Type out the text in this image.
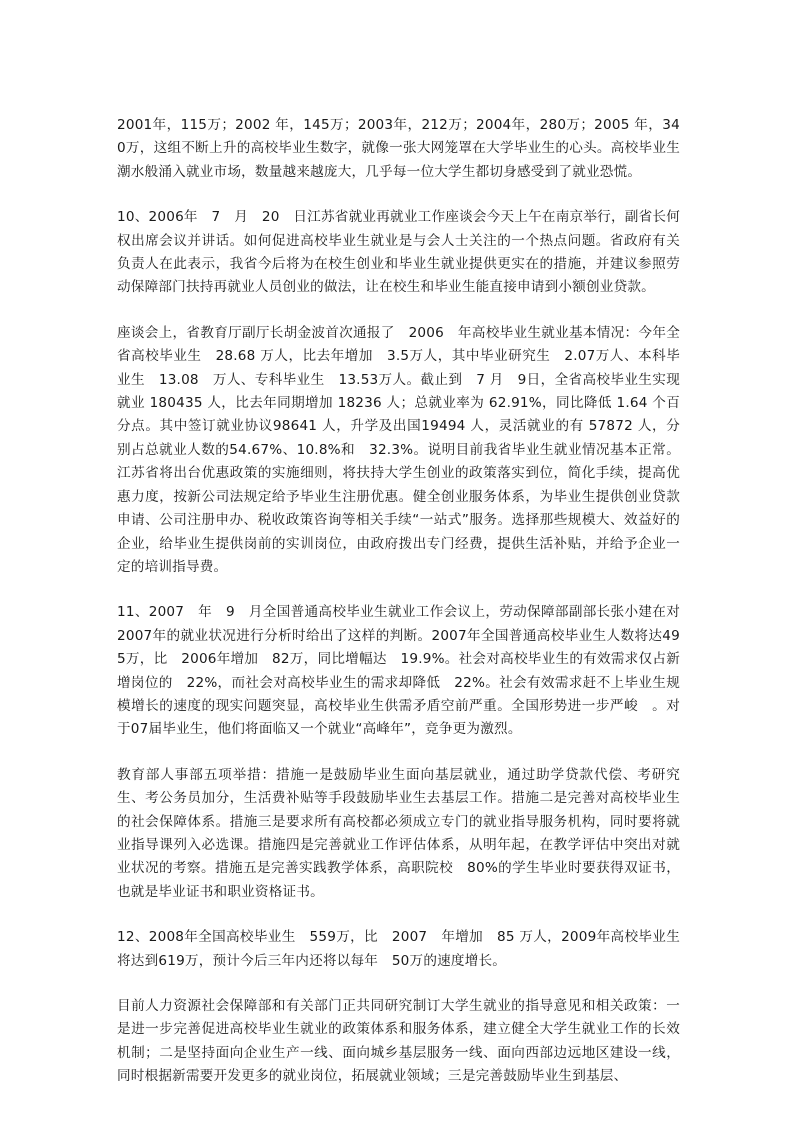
2001年，115万；2002 年，145万；2003年，212万；2004年，280万；2005 年，340万，这组不断上升的高校毕业生数字，就像一张大网笼罩在大学毕业生的心头。高校毕业生潮水般涌入就业市场，数量越来越庞大，几乎每一位大学生都切身感受到了就业恐慌。

10、2006年　7　月　20　日江苏省就业再就业工作座谈会今天上午在南京举行，副省长何权出席会议并讲话。如何促进高校毕业生就业是与会人士关注的一个热点问题。省政府有关负责人在此表示，我省今后将为在校生创业和毕业生就业提供更实在的措施，并建议参照劳动保障部门扶持再就业人员创业的做法，让在校生和毕业生能直接申请到小额创业贷款。

座谈会上，省教育厅副厅长胡金波首次通报了　2006　年高校毕业生就业基本情况：今年全省高校毕业生　28.68 万人，比去年增加　3.5万人，其中毕业研究生　2.07万人、本科毕业生　13.08　万人、专科毕业生　13.53万人。截止到　7 月　9日，全省高校毕业生实现就业 180435 人，比去年同期增加 18236 人；总就业率为 62.91%，同比降低 1.64 个百分点。其中签订就业协议98641 人，升学及出国19494 人，灵活就业的有 57872 人，分别占总就业人数的54.67%、10.8%和　32.3%。说明目前我省毕业生就业情况基本正常。江苏省将出台优惠政策的实施细则，将扶持大学生创业的政策落实到位，简化手续，提高优惠力度，按新公司法规定给予毕业生注册优惠。健全创业服务体系，为毕业生提供创业贷款申请、公司注册申办、税收政策咨询等相关手续“一站式”服务。选择那些规模大、效益好的企业，给毕业生提供岗前的实训岗位，由政府拨出专门经费，提供生活补贴，并给予企业一定的培训指导费。

11、2007　年　9　月全国普通高校毕业生就业工作会议上，劳动保障部副部长张小建在对2007年的就业状况进行分析时给出了这样的判断。2007年全国普通高校毕业生人数将达495万，比　2006年增加　82万，同比增幅达　19.9%。社会对高校毕业生的有效需求仅占新增岗位的　22%，而社会对高校毕业生的需求却降低　22%。社会有效需求赶不上毕业生规模增长的速度的现实问题突显，高校毕业生供需矛盾空前严重。全国形势进一步严峻　。对于07届毕业生，他们将面临又一个就业“高峰年”，竞争更为激烈。

教育部人事部五项举措：措施一是鼓励毕业生面向基层就业，通过助学贷款代偿、考研究生、考公务员加分，生活费补贴等手段鼓励毕业生去基层工作。措施二是完善对高校毕业生的社会保障体系。措施三是要求所有高校都必须成立专门的就业指导服务机构，同时要将就业指导课列入必选课。措施四是完善就业工作评估体系，从明年起，在教学评估中突出对就业状况的考察。措施五是完善实践教学体系，高职院校　80%的学生毕业时要获得双证书，也就是毕业证书和职业资格证书。

12、2008年全国高校毕业生　559万，比　2007　年增加　85 万人，2009年高校毕业生将达到619万，预计今后三年内还将以每年　50万的速度增长。

目前人力资源社会保障部和有关部门正共同研究制订大学生就业的指导意见和相关政策：一是进一步完善促进高校毕业生就业的政策体系和服务体系，建立健全大学生就业工作的长效机制；二是坚持面向企业生产一线、面向城乡基层服务一线、面向西部边远地区建设一线，同时根据新需要开发更多的就业岗位，拓展就业领域；三是完善鼓励毕业生到基层、
